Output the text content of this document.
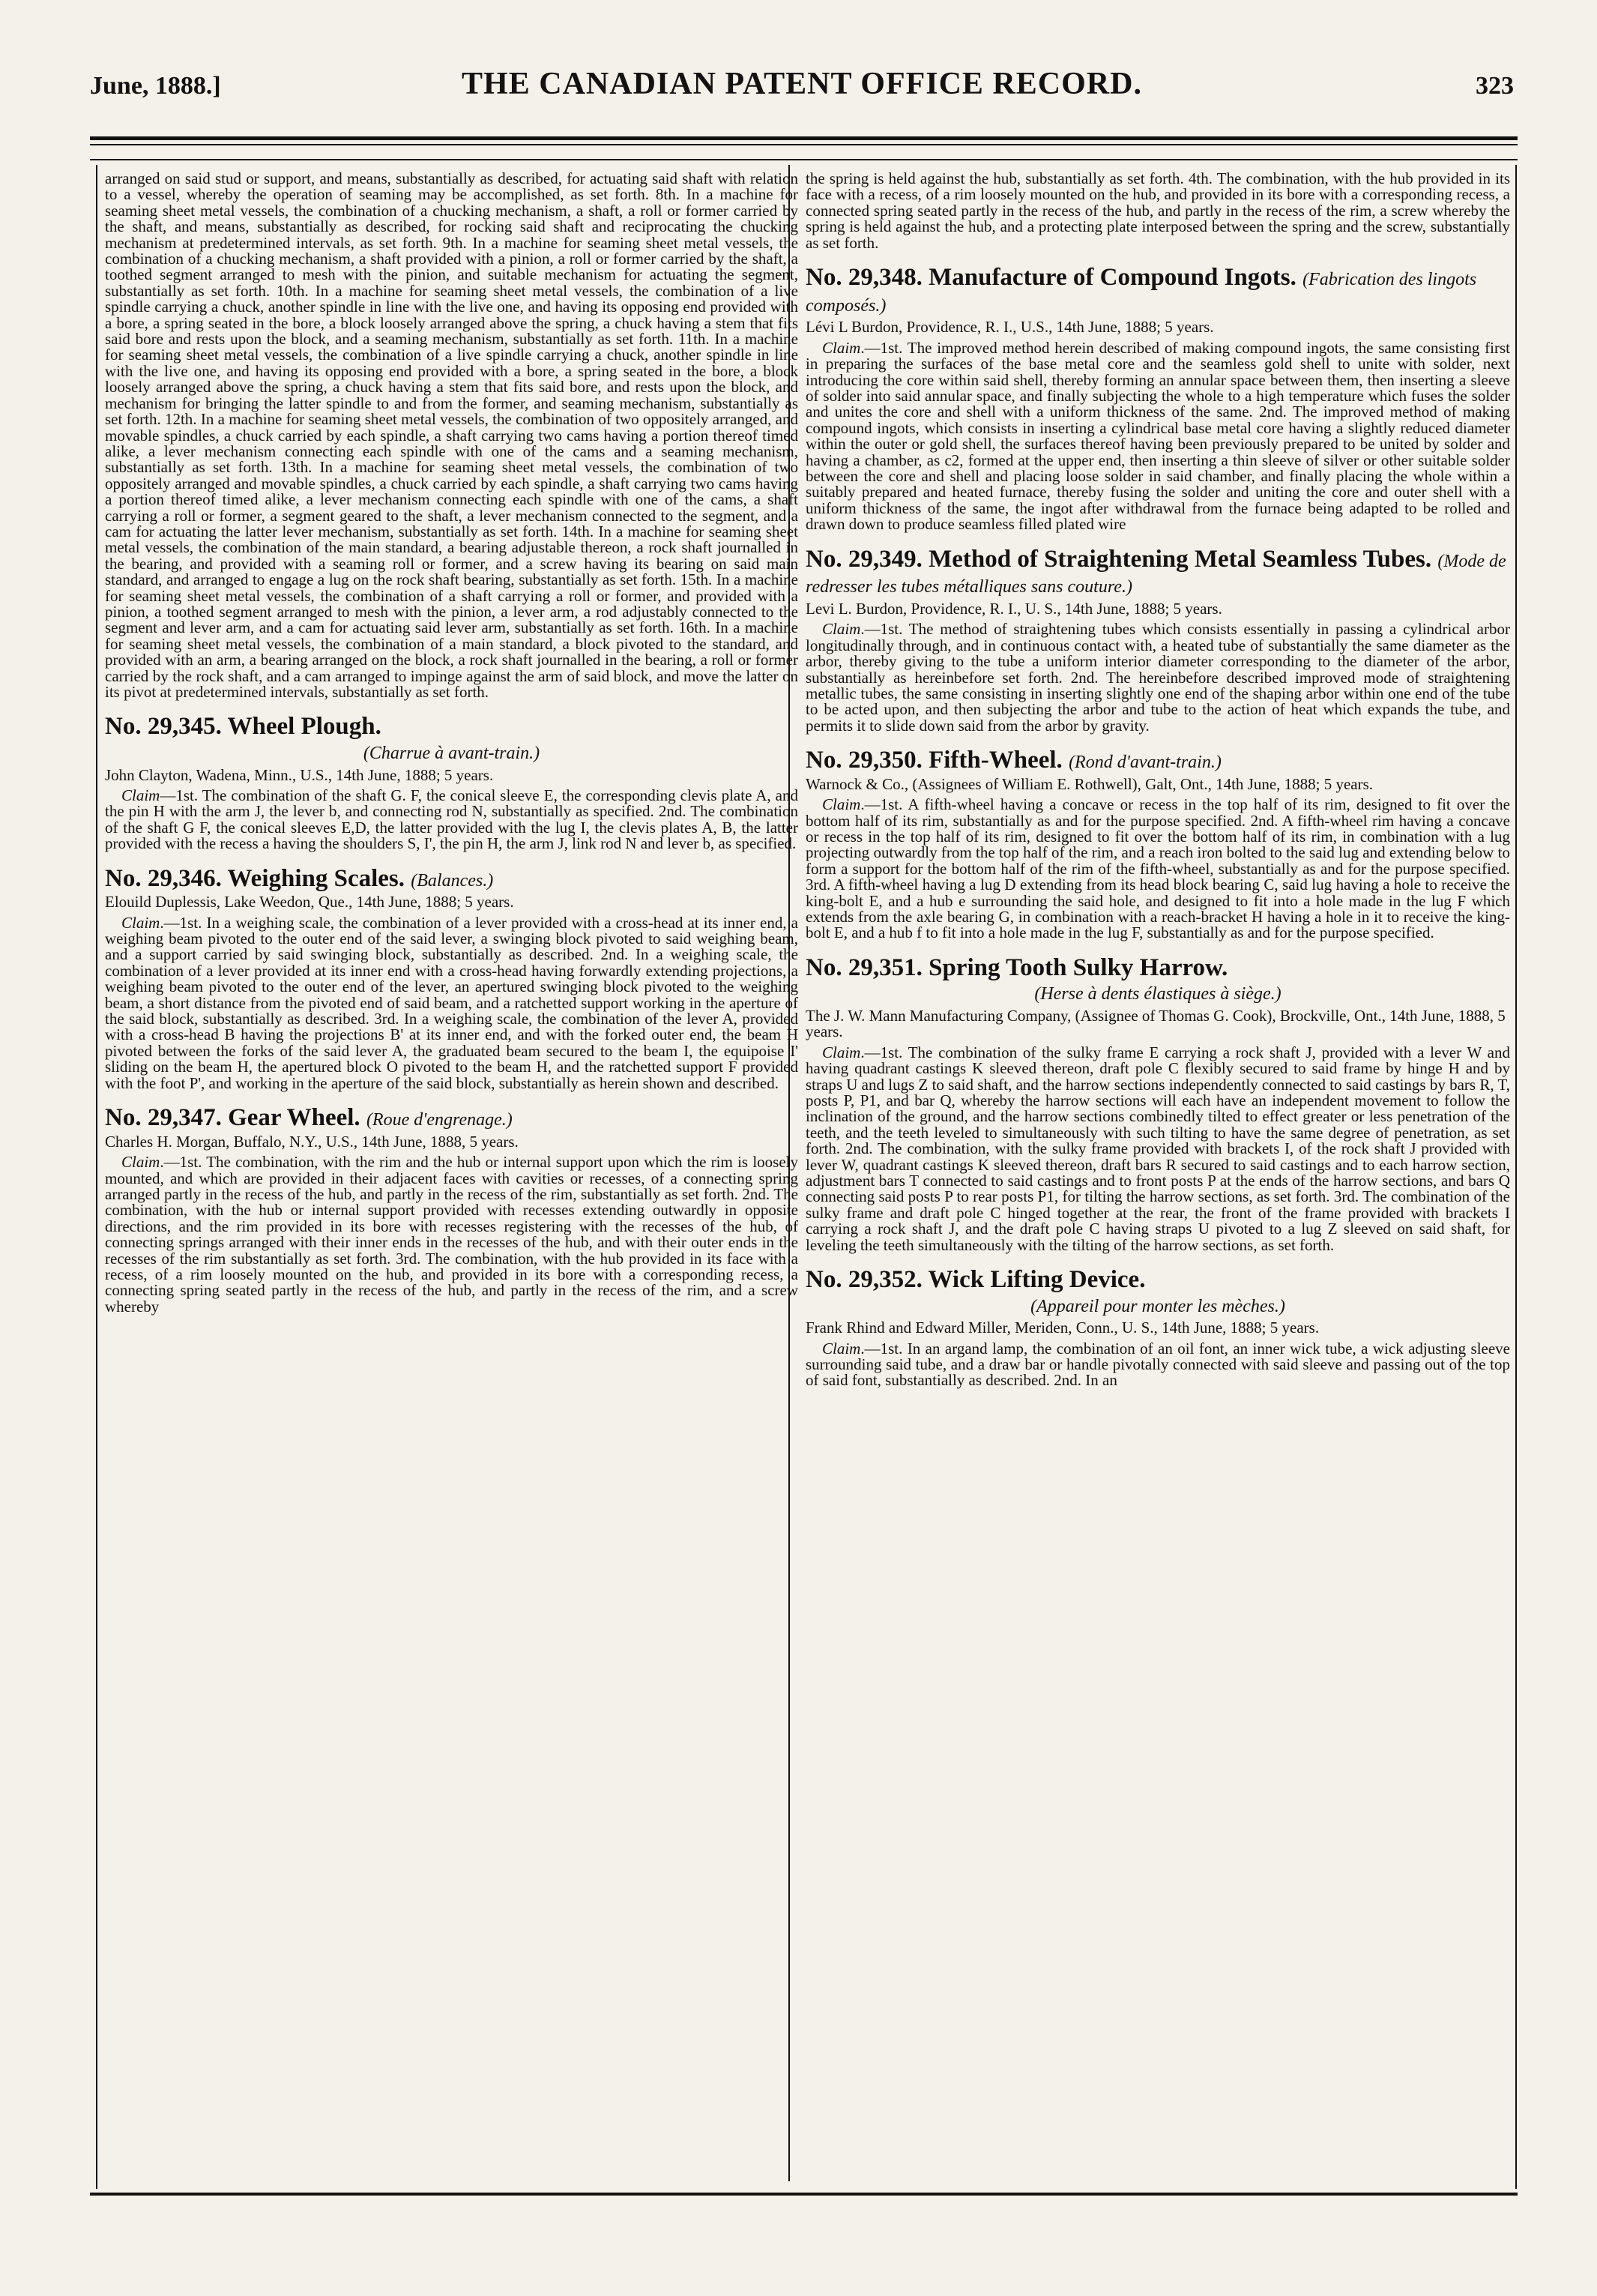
June, 1888.]	THE CANADIAN PATENT OFFICE RECORD.	323

arranged on said stud or support, and means, substantially as described, for actuating said shaft with relation to a vessel, whereby the operation of seaming may be accomplished, as set forth. 8th. In a machine for seaming sheet metal vessels, the combination of a chucking mechanism, a shaft, a roll or former carried by the shaft, and means, substantially as described, for rocking said shaft and reciprocating the chucking mechanism at predetermined intervals, as set forth. 9th. In a machine for seaming sheet metal vessels, the combination of a chucking mechanism, a shaft provided with a pinion, a roll or former carried by the shaft, a toothed segment arranged to mesh with the pinion, and suitable mechanism for actuating the segment, substantially as set forth. 10th. In a machine for seaming sheet metal vessels, the combination of a live spindle carrying a chuck, another spindle in line with the live one, and having its opposing end provided with a bore, a spring seated in the bore, a block loosely arranged above the spring, a chuck having a stem that fits said bore and rests upon the block, and a seaming mechanism, substantially as set forth. 11th. In a machine for seaming sheet metal vessels, the combination of a live spindle carrying a chuck, another spindle in line with the live one, and having its opposing end provided with a bore, a spring seated in the bore, a block loosely arranged above the spring, a chuck having a stem that fits said bore, and rests upon the block, and mechanism for bringing the latter spindle to and from the former, and seaming mechanism, substantially as set forth. 12th. In a machine for seaming sheet metal vessels, the combination of two oppositely arranged, and movable spindles, a chuck carried by each spindle, a shaft carrying two cams having a portion thereof timed alike, a lever mechanism connecting each spindle with one of the cams and a seaming mechanism, substantially as set forth. 13th. In a machine for seaming sheet metal vessels, the combination of two oppositely arranged and movable spindles, a chuck carried by each spindle, a shaft carrying two cams having a portion thereof timed alike, a lever mechanism connecting each spindle with one of the cams, a shaft carrying a roll or former, a segment geared to the shaft, a lever mechanism connected to the segment, and a cam for actuating the latter lever mechanism, substantially as set forth. 14th. In a machine for seaming sheet metal vessels, the combination of the main standard, a bearing adjustable thereon, a rock shaft journalled in the bearing, and provided with a seaming roll or former, and a screw having its bearing on said main standard, and arranged to engage a lug on the rock shaft bearing, substantially as set forth. 15th. In a machine for seaming sheet metal vessels, the combination of a shaft carrying a roll or former, and provided with a pinion, a toothed segment arranged to mesh with the pinion, a lever arm, a rod adjustably connected to the segment and lever arm, and a cam for actuating said lever arm, substantially as set forth. 16th. In a machine for seaming sheet metal vessels, the combination of a main standard, a block pivoted to the standard, and provided with an arm, a bearing arranged on the block, a rock shaft journalled in the bearing, a roll or former carried by the rock shaft, and a cam arranged to impinge against the arm of said block, and move the latter on its pivot at predetermined intervals, substantially as set forth.

No. 29,345. Wheel Plough.
(Charrue à avant-train.)

John Clayton, Wadena, Minn., U.S., 14th June, 1888; 5 years.

Claim—1st. The combination of the shaft G. F, the conical sleeve E, the corresponding clevis plate A, and the pin H with the arm J, the lever b, and connecting rod N, substantially as specified. 2nd. The combination of the shaft G F, the conical sleeves E,D, the latter provided with the lug I, the clevis plates A, B, the latter provided with the recess a having the shoulders S, I', the pin H, the arm J, link rod N and lever b, as specified.

No. 29,346. Weighing Scales. (Balances.)

Elouild Duplessis, Lake Weedon, Que., 14th June, 1888; 5 years.

Claim.—1st. In a weighing scale, the combination of a lever provided with a cross-head at its inner end, a weighing beam pivoted to the outer end of the said lever, a swinging block pivoted to said weighing beam, and a support carried by said swinging block, substantially as described. 2nd. In a weighing scale, the combination of a lever provided at its inner end with a cross-head having forwardly extending projections, a weighing beam pivoted to the outer end of the lever, an apertured swinging block pivoted to the weighing beam, a short distance from the pivoted end of said beam, and a ratchetted support working in the aperture of the said block, substantially as described. 3rd. In a weighing scale, the combination of the lever A, provided with a cross-head B having the projections B' at its inner end, and with the forked outer end, the beam H pivoted between the forks of the said lever A, the graduated beam secured to the beam I, the equipoise I' sliding on the beam H, the apertured block O pivoted to the beam H, and the ratchetted support F provided with the foot P', and working in the aperture of the said block, substantially as herein shown and described.

No. 29,347. Gear Wheel. (Roue d'engrenage.)

Charles H. Morgan, Buffalo, N.Y., U.S., 14th June, 1888, 5 years.

Claim.—1st. The combination, with the rim and the hub or internal support upon which the rim is loosely mounted, and which are provided in their adjacent faces with cavities or recesses, of a connecting spring arranged partly in the recess of the hub, and partly in the recess of the rim, substantially as set forth. 2nd. The combination, with the hub or internal support provided with recesses extending outwardly in opposite directions, and the rim provided in its bore with recesses registering with the recesses of the hub, of connecting springs arranged with their inner ends in the recesses of the hub, and with their outer ends in the recesses of the rim substantially as set forth. 3rd. The combination, with the hub provided in its face with a recess, of a rim loosely mounted on the hub, and provided in its bore with a corresponding recess, a connecting spring seated partly in the recess of the hub, and partly in the recess of the rim, and a screw whereby

the spring is held against the hub, substantially as set forth. 4th. The combination, with the hub provided in its face with a recess, of a rim loosely mounted on the hub, and provided in its bore with a corresponding recess, a connected spring seated partly in the recess of the hub, and partly in the recess of the rim, a screw whereby the spring is held against the hub, and a protecting plate interposed between the spring and the screw, substantially as set forth.

No. 29,348. Manufacture of Compound Ingots. (Fabrication des lingots composés.)

Lévi L Burdon, Providence, R. I., U.S., 14th June, 1888; 5 years.

Claim.—1st. The improved method herein described of making compound ingots, the same consisting first in preparing the surfaces of the base metal core and the seamless gold shell to unite with solder, next introducing the core within said shell, thereby forming an annular space between them, then inserting a sleeve of solder into said annular space, and finally subjecting the whole to a high temperature which fuses the solder and unites the core and shell with a uniform thickness of the same. 2nd. The improved method of making compound ingots, which consists in inserting a cylindrical base metal core having a slightly reduced diameter within the outer or gold shell, the surfaces thereof having been previously prepared to be united by solder and having a chamber, as c2, formed at the upper end, then inserting a thin sleeve of silver or other suitable solder between the core and shell and placing loose solder in said chamber, and finally placing the whole within a suitably prepared and heated furnace, thereby fusing the solder and uniting the core and outer shell with a uniform thickness of the same, the ingot after withdrawal from the furnace being adapted to be rolled and drawn down to produce seamless filled plated wire

No. 29,349. Method of Straightening Metal Seamless Tubes. (Mode de redresser les tubes métalliques sans couture.)

Levi L. Burdon, Providence, R. I., U. S., 14th June, 1888; 5 years.

Claim.—1st. The method of straightening tubes which consists essentially in passing a cylindrical arbor longitudinally through, and in continuous contact with, a heated tube of substantially the same diameter as the arbor, thereby giving to the tube a uniform interior diameter corresponding to the diameter of the arbor, substantially as hereinbefore set forth. 2nd. The hereinbefore described improved mode of straightening metallic tubes, the same consisting in inserting slightly one end of the shaping arbor within one end of the tube to be acted upon, and then subjecting the arbor and tube to the action of heat which expands the tube, and permits it to slide down said from the arbor by gravity.

No. 29,350. Fifth-Wheel. (Rond d'avant-train.)

Warnock & Co., (Assignees of William E. Rothwell), Galt, Ont., 14th June, 1888; 5 years.

Claim.—1st. A fifth-wheel having a concave or recess in the top half of its rim, designed to fit over the bottom half of its rim, substantially as and for the purpose specified. 2nd. A fifth-wheel rim having a concave or recess in the top half of its rim, designed to fit over the bottom half of its rim, in combination with a lug projecting outwardly from the top half of the rim, and a reach iron bolted to the said lug and extending below to form a support for the bottom half of the rim of the fifth-wheel, substantially as and for the purpose specified. 3rd. A fifth-wheel having a lug D extending from its head block bearing C, said lug having a hole to receive the king-bolt E, and a hub e surrounding the said hole, and designed to fit into a hole made in the lug F which extends from the axle bearing G, in combination with a reach-bracket H having a hole in it to receive the king-bolt E, and a hub f to fit into a hole made in the lug F, substantially as and for the purpose specified.

No. 29,351. Spring Tooth Sulky Harrow.
(Herse à dents élastiques à siège.)

The J. W. Mann Manufacturing Company, (Assignee of Thomas G. Cook), Brockville, Ont., 14th June, 1888, 5 years.

Claim.—1st. The combination of the sulky frame E carrying a rock shaft J, provided with a lever W and having quadrant castings K sleeved thereon, draft pole C flexibly secured to said frame by hinge H and by straps U and lugs Z to said shaft, and the harrow sections independently connected to said castings by bars R, T, posts P, P1, and bar Q, whereby the harrow sections will each have an independent movement to follow the inclination of the ground, and the harrow sections combinedly tilted to effect greater or less penetration of the teeth, and the teeth leveled to simultaneously with such tilting to have the same degree of penetration, as set forth. 2nd. The combination, with the sulky frame provided with brackets I, of the rock shaft J provided with lever W, quadrant castings K sleeved thereon, draft bars R secured to said castings and to each harrow section, adjustment bars T connected to said castings and to front posts P at the ends of the harrow sections, and bars Q connecting said posts P to rear posts P1, for tilting the harrow sections, as set forth. 3rd. The combination of the sulky frame and draft pole C hinged together at the rear, the front of the frame provided with brackets I carrying a rock shaft J, and the draft pole C having straps U pivoted to a lug Z sleeved on said shaft, for leveling the teeth simultaneously with the tilting of the harrow sections, as set forth.

No. 29,352. Wick Lifting Device.
(Appareil pour monter les mèches.)

Frank Rhind and Edward Miller, Meriden, Conn., U. S., 14th June, 1888; 5 years.

Claim.—1st. In an argand lamp, the combination of an oil font, an inner wick tube, a wick adjusting sleeve surrounding said tube, and a draw bar or handle pivotally connected with said sleeve and passing out of the top of said font, substantially as described. 2nd. In an
